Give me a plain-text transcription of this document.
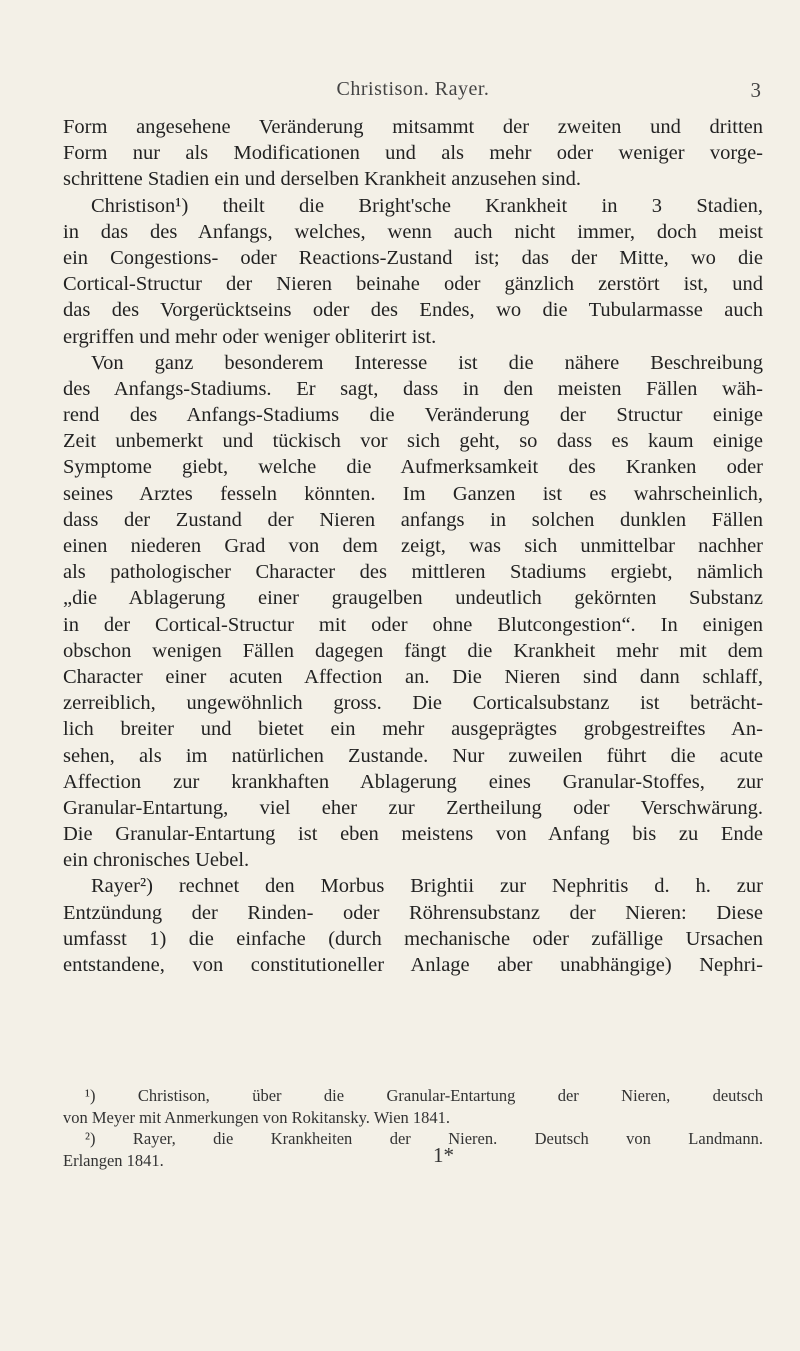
Christison. Rayer.	3
Form angesehene Veränderung mitsammt der zweiten und dritten
Form nur als Modificationen und als mehr oder weniger vorge-
schrittene Stadien ein und derselben Krankheit anzusehen sind.
Christison¹) theilt die Bright'sche Krankheit in 3 Stadien,
in das des Anfangs, welches, wenn auch nicht immer, doch meist
ein Congestions- oder Reactions-Zustand ist; das der Mitte, wo die
Cortical-Structur der Nieren beinahe oder gänzlich zerstört ist, und
das des Vorgerücktseins oder des Endes, wo die Tubularmasse auch
ergriffen und mehr oder weniger obliterirt ist.
Von ganz besonderem Interesse ist die nähere Beschreibung
des Anfangs-Stadiums. Er sagt, dass in den meisten Fällen wäh-
rend des Anfangs-Stadiums die Veränderung der Structur einige
Zeit unbemerkt und tückisch vor sich geht, so dass es kaum einige
Symptome giebt, welche die Aufmerksamkeit des Kranken oder
seines Arztes fesseln könnten. Im Ganzen ist es wahrscheinlich,
dass der Zustand der Nieren anfangs in solchen dunklen Fällen
einen niederen Grad von dem zeigt, was sich unmittelbar nachher
als pathologischer Character des mittleren Stadiums ergiebt, nämlich
„die Ablagerung einer graugelben undeutlich gekörnten Substanz
in der Cortical-Structur mit oder ohne Blutcongestion“. In einigen
obschon wenigen Fällen dagegen fängt die Krankheit mehr mit dem
Character einer acuten Affection an. Die Nieren sind dann schlaff,
zerreiblich, ungewöhnlich gross. Die Corticalsubstanz ist beträcht-
lich breiter und bietet ein mehr ausgeprägtes grobgestreiftes An-
sehen, als im natürlichen Zustande. Nur zuweilen führt die acute
Affection zur krankhaften Ablagerung eines Granular-Stoffes, zur
Granular-Entartung, viel eher zur Zertheilung oder Verschwärung.
Die Granular-Entartung ist eben meistens von Anfang bis zu Ende
ein chronisches Uebel.
Rayer²) rechnet den Morbus Brightii zur Nephritis d. h. zur
Entzündung der Rinden- oder Röhrensubstanz der Nieren: Diese
umfasst 1) die einfache (durch mechanische oder zufällige Ursachen
entstandene, von constitutioneller Anlage aber unabhängige) Nephri-
¹) Christison, über die Granular-Entartung der Nieren, deutsch
von Meyer mit Anmerkungen von Rokitansky. Wien 1841.
²) Rayer, die Krankheiten der Nieren. Deutsch von Landmann.
Erlangen 1841.	1*
